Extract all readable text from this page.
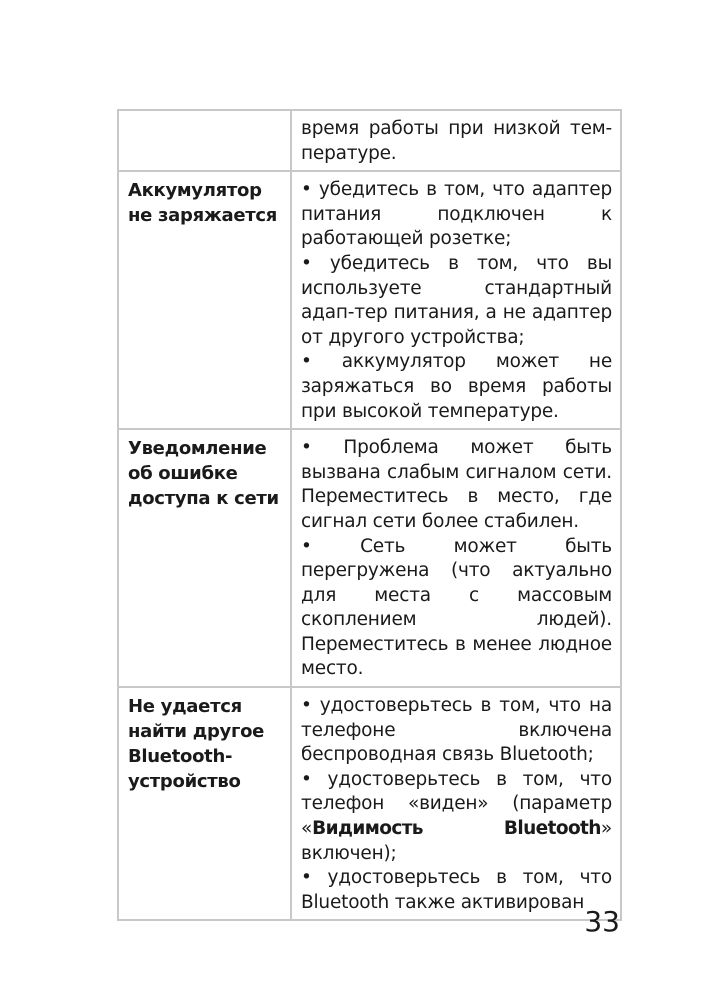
	время работы при низкой тем-пературе.

Аккумулятор не заряжается	• убедитесь в том, что адаптер питания подключен к работающей розетке;

• убедитесь в том, что вы используете стандартный адап-тер питания, а не адаптер от другого устройства;

• аккумулятор может не заряжаться во время работы при высокой температуре.

Уведомление об ошибке доступа к сети	• Проблема может быть вызвана слабым сигналом сети. Переместитесь в место, где сигнал сети более стабилен.

• Сеть может быть перегружена (что актуально для места с массовым скоплением людей). Переместитесь в менее людное место.

Не удается найти другое Bluetooth-устройство	• удостоверьтесь в том, что на телефоне включена беспроводная связь Bluetooth;

• удостоверьтесь в том, что телефон «виден» (параметр «Видимость Bluetooth» включен);

• удостоверьтесь в том, что Bluetooth также активирован

33
